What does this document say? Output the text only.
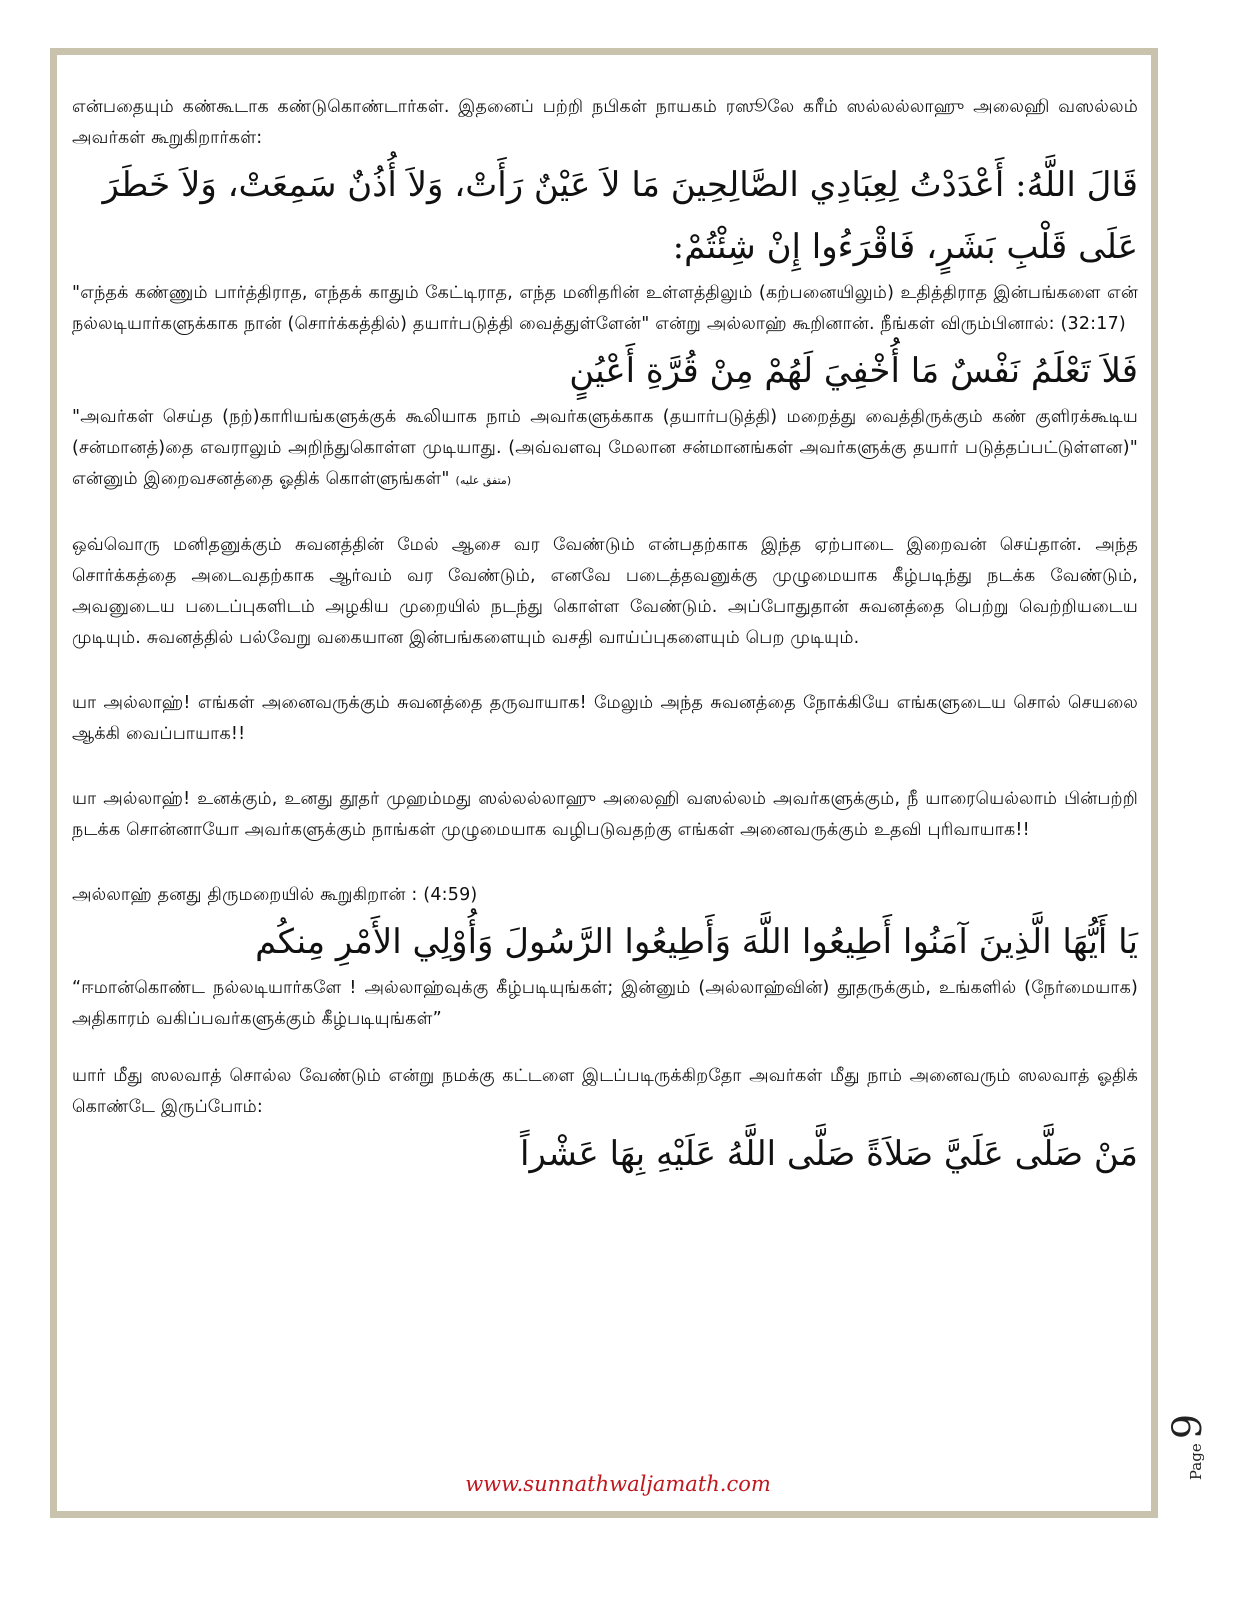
என்பதையும் கண்கூடாக கண்டுகொண்டார்கள். இதனைப் பற்றி நபிகள் நாயகம் ரஸூலே கரீம் ஸல்லல்லாஹு அலைஹி வஸல்லம் அவர்கள் கூறுகிறார்கள்:

قَالَ اللَّهُ: أَعْدَدْتُ لِعِبَادِي الصَّالِحِينَ مَا لاَ عَيْنٌ رَأَتْ، وَلاَ أُذُنٌ سَمِعَتْ، وَلاَ خَطَرَ عَلَى قَلْبِ بَشَرٍ، فَاقْرَءُوا إِنْ شِئْتُمْ:

"எந்தக் கண்ணும் பார்த்திராத, எந்தக் காதும் கேட்டிராத, எந்த மனிதரின் உள்ளத்திலும் (கற்பனையிலும்) உதித்திராத இன்பங்களை என் நல்லடியார்களுக்காக நான் (சொர்க்கத்தில்) தயார்படுத்தி வைத்துள்ளேன்" என்று அல்லாஹ் கூறினான். நீங்கள் விரும்பினால்: (32:17)

فَلاَ تَعْلَمُ نَفْسٌ مَا أُخْفِيَ لَهُمْ مِنْ قُرَّةِ أَعْيُنٍ

"அவர்கள் செய்த (நற்)காரியங்களுக்குக் கூலியாக நாம் அவர்களுக்காக (தயார்படுத்தி) மறைத்து வைத்திருக்கும் கண் குளிரக்கூடிய (சன்மானத்)தை எவராலும் அறிந்துகொள்ள முடியாது. (அவ்வளவு மேலான சன்மானங்கள் அவர்களுக்கு தயார் படுத்தப்பட்டுள்ளன)" என்னும் இறைவசனத்தை ஓதிக் கொள்ளுங்கள்" (متفق عليه)

ஒவ்வொரு மனிதனுக்கும் சுவனத்தின் மேல் ஆசை வர வேண்டும் என்பதற்காக இந்த ஏற்பாடை இறைவன் செய்தான். அந்த சொர்க்கத்தை அடைவதற்காக ஆர்வம் வர வேண்டும், எனவே படைத்தவனுக்கு முழுமையாக கீழ்படிந்து நடக்க வேண்டும், அவனுடைய படைப்புகளிடம் அழகிய முறையில் நடந்து கொள்ள வேண்டும். அப்போதுதான் சுவனத்தை பெற்று வெற்றியடைய முடியும். சுவனத்தில் பல்வேறு வகையான இன்பங்களையும் வசதி வாய்ப்புகளையும் பெற முடியும்.

யா அல்லாஹ்! எங்கள் அனைவருக்கும் சுவனத்தை தருவாயாக! மேலும் அந்த சுவனத்தை நோக்கியே எங்களுடைய சொல் செயலை ஆக்கி வைப்பாயாக!!

யா அல்லாஹ்! உனக்கும், உனது தூதர் முஹம்மது ஸல்லல்லாஹு அலைஹி வஸல்லம் அவர்களுக்கும், நீ யாரையெல்லாம் பின்பற்றி நடக்க சொன்னாயோ அவர்களுக்கும் நாங்கள் முழுமையாக வழிபடுவதற்கு எங்கள் அனைவருக்கும் உதவி புரிவாயாக!!

அல்லாஹ் தனது திருமறையில் கூறுகிறான் : (4:59)

يَا أَيُّهَا الَّذِينَ آمَنُوا أَطِيعُوا اللَّهَ وَأَطِيعُوا الرَّسُولَ وَأُوْلِي الأَمْرِ مِنكُم

“ஈமான்கொண்ட நல்லடியார்களே ! அல்லாஹ்வுக்கு கீழ்படியுங்கள்; இன்னும் (அல்லாஹ்வின்) தூதருக்கும், உங்களில் (நேர்மையாக) அதிகாரம் வகிப்பவர்களுக்கும் கீழ்படியுங்கள்”

யார் மீது ஸலவாத் சொல்ல வேண்டும் என்று நமக்கு கட்டளை இடப்படிருக்கிறதோ அவர்கள் மீது நாம் அனைவரும் ஸலவாத் ஓதிக் கொண்டே இருப்போம்:

مَنْ صَلَّى عَلَيَّ صَلاَةً صَلَّى اللَّهُ عَلَيْهِ بِهَا عَشْراً

Page9
www.sunnathwaljamath.com
